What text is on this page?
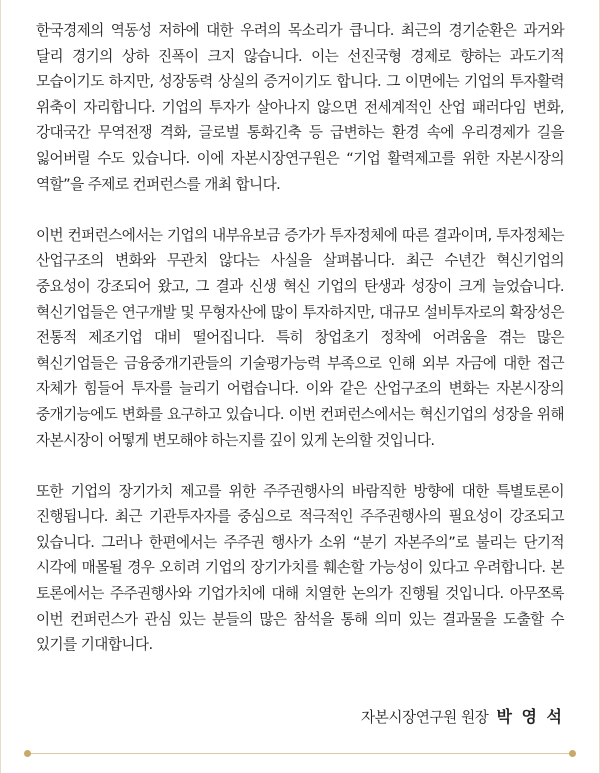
한국경제의 역동성 저하에 대한 우려의 목소리가 큽니다. 최근의 경기순환은 과거와 달리 경기의 상하 진폭이 크지 않습니다. 이는 선진국형 경제로 향하는 과도기적 모습이기도 하지만, 성장동력 상실의 증거이기도 합니다. 그 이면에는 기업의 투자활력 위축이 자리합니다. 기업의 투자가 살아나지 않으면 전세계적인 산업 패러다임 변화, 강대국간 무역전쟁 격화, 글로벌 통화긴축 등 급변하는 환경 속에 우리경제가 길을 잃어버릴 수도 있습니다. 이에 자본시장연구원은 “기업 활력제고를 위한 자본시장의 역할”을 주제로 컨퍼런스를 개최 합니다.

이번 컨퍼런스에서는 기업의 내부유보금 증가가 투자정체에 따른 결과이며, 투자정체는 산업구조의 변화와 무관치 않다는 사실을 살펴봅니다. 최근 수년간 혁신기업의 중요성이 강조되어 왔고, 그 결과 신생 혁신 기업의 탄생과 성장이 크게 늘었습니다. 혁신기업들은 연구개발 및 무형자산에 많이 투자하지만, 대규모 설비투자로의 확장성은 전통적 제조기업 대비 떨어집니다. 특히 창업초기 정착에 어려움을 겪는 많은 혁신기업들은 금융중개기관들의 기술평가능력 부족으로 인해 외부 자금에 대한 접근 자체가 힘들어 투자를 늘리기 어렵습니다. 이와 같은 산업구조의 변화는 자본시장의 중개기능에도 변화를 요구하고 있습니다. 이번 컨퍼런스에서는 혁신기업의 성장을 위해 자본시장이 어떻게 변모해야 하는지를 깊이 있게 논의할 것입니다.

또한 기업의 장기가치 제고를 위한 주주권행사의 바람직한 방향에 대한 특별토론이 진행됩니다. 최근 기관투자자를 중심으로 적극적인 주주권행사의 필요성이 강조되고 있습니다. 그러나 한편에서는 주주권 행사가 소위 “분기 자본주의”로 불리는 단기적 시각에 매몰될 경우 오히려 기업의 장기가치를 훼손할 가능성이 있다고 우려합니다. 본 토론에서는 주주권행사와 기업가치에 대해 치열한 논의가 진행될 것입니다. 아무쪼록 이번 컨퍼런스가 관심 있는 분들의 많은 참석을 통해 의미 있는 결과물을 도출할 수 있기를 기대합니다.

자본시장연구원 원장 박 영 석
